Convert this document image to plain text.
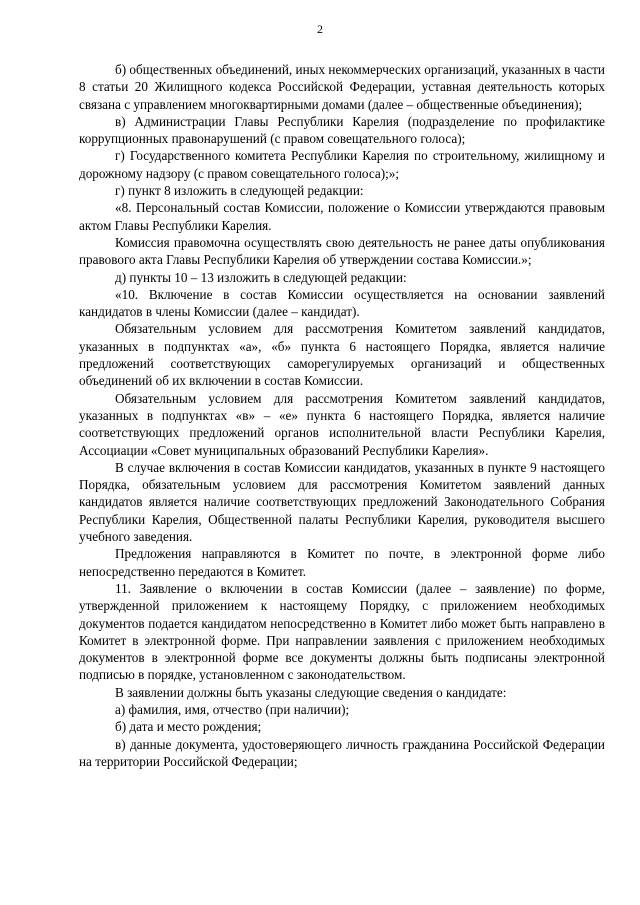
2

б) общественных объединений, иных некоммерческих организаций, указанных в части 8 статьи 20 Жилищного кодекса Российской Федерации, уставная деятельность которых связана с управлением многоквартирными домами (далее – общественные объединения);

в) Администрации Главы Республики Карелия (подразделение по профилактике коррупционных правонарушений (с правом совещательного голоса);

г) Государственного комитета Республики Карелия по строительному, жилищному и дорожному надзору (с правом совещательного голоса);»;

г) пункт 8 изложить в следующей редакции:

«8. Персональный состав Комиссии, положение о Комиссии утверждаются правовым актом Главы Республики Карелия.

Комиссия правомочна осуществлять свою деятельность не ранее даты опубликования правового акта Главы Республики Карелия об утверждении состава Комиссии.»;

д) пункты 10 – 13 изложить в следующей редакции:

«10. Включение в состав Комиссии осуществляется на основании заявлений кандидатов в члены Комиссии (далее – кандидат).

Обязательным условием для рассмотрения Комитетом заявлений кандидатов, указанных в подпунктах «а», «б» пункта 6 настоящего Порядка, является наличие предложений соответствующих саморегулируемых организаций и общественных объединений об их включении в состав Комиссии.

Обязательным условием для рассмотрения Комитетом заявлений кандидатов, указанных в подпунктах «в» – «е» пункта 6 настоящего Порядка, является наличие соответствующих предложений органов исполнительной власти Республики Карелия, Ассоциации «Совет муниципальных образований Республики Карелия».

В случае включения в состав Комиссии кандидатов, указанных в пункте 9 настоящего Порядка, обязательным условием для рассмотрения Комитетом заявлений данных кандидатов является наличие соответствующих предложений Законодательного Собрания Республики Карелия, Общественной палаты Республики Карелия, руководителя высшего учебного заведения.

Предложения направляются в Комитет по почте, в электронной форме либо непосредственно передаются в Комитет.

11. Заявление о включении в состав Комиссии (далее – заявление) по форме, утвержденной приложением к настоящему Порядку, с приложением необходимых документов подается кандидатом непосредственно в Комитет либо может быть направлено в Комитет в электронной форме. При направлении заявления с приложением необходимых документов в электронной форме все документы должны быть подписаны электронной подписью в порядке, установленном с законодательством.

В заявлении должны быть указаны следующие сведения о кандидате:

а) фамилия, имя, отчество (при наличии);

б) дата и место рождения;

в) данные документа, удостоверяющего личность гражданина Российской Федерации на территории Российской Федерации;
